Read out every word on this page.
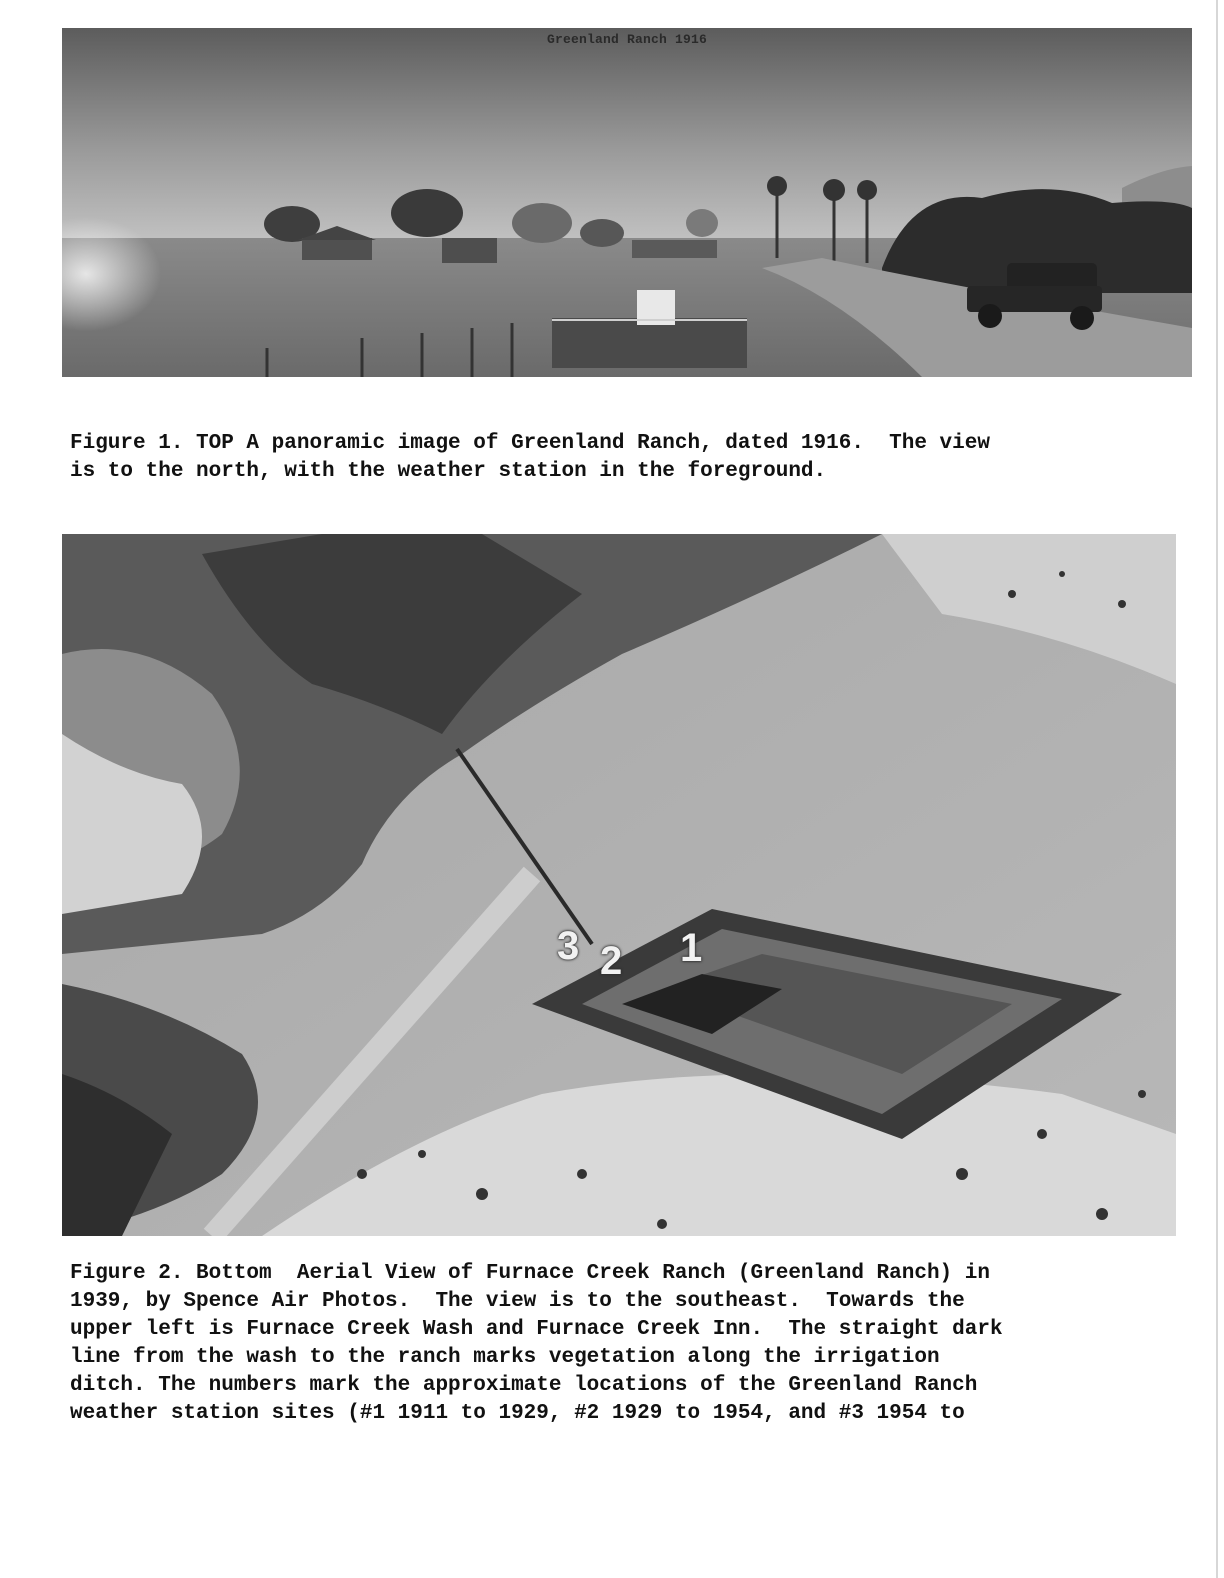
Greenland Ranch 1916
Figure 1. TOP A panoramic image of Greenland Ranch, dated 1916.  The view
is to the north, with the weather station in the foreground.
3 2 1
Figure 2. Bottom  Aerial View of Furnace Creek Ranch (Greenland Ranch) in
1939, by Spence Air Photos.  The view is to the southeast.  Towards the
upper left is Furnace Creek Wash and Furnace Creek Inn.  The straight dark
line from the wash to the ranch marks vegetation along the irrigation
ditch. The numbers mark the approximate locations of the Greenland Ranch
weather station sites (#1 1911 to 1929, #2 1929 to 1954, and #3 1954 to
